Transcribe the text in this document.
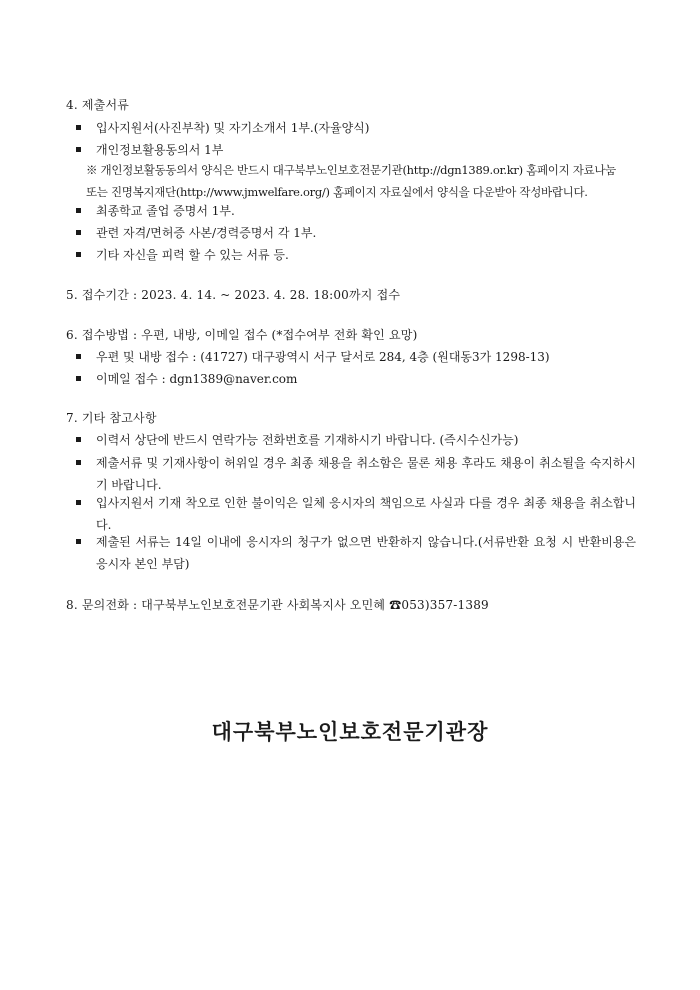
4. 제출서류
입사지원서(사진부착) 및 자기소개서 1부.(자율양식)
개인정보활용동의서 1부
※ 개인정보활동동의서 양식은 반드시 대구북부노인보호전문기관(http://dgn1389.or.kr) 홈페이지 자료나눔
또는 진명복지재단(http://www.jmwelfare.org/) 홈페이지 자료실에서 양식을 다운받아 작성바랍니다.
최종학교 졸업 증명서 1부.
관련 자격/면허증 사본/경력증명서 각 1부.
기타 자신을 피력 할 수 있는 서류 등.
5. 접수기간 : 2023. 4. 14. ~ 2023. 4. 28. 18:00까지 접수
6. 접수방법 : 우편, 내방, 이메일 접수 (*접수여부 전화 확인 요망)
우편 및 내방 접수 : (41727) 대구광역시 서구 달서로 284, 4층 (원대동3가 1298-13)
이메일 접수 : dgn1389@naver.com
7. 기타 참고사항
이력서 상단에 반드시 연락가능 전화번호를 기재하시기 바랍니다. (즉시수신가능)
제출서류 및 기재사항이 허위일 경우 최종 채용을 취소함은 물론 채용 후라도 채용이 취소될을 숙지하시기 바랍니다.
입사지원서 기재 착오로 인한 불이익은 일체 응시자의 책임으로 사실과 다를 경우 최종 채용을 취소합니다.
제출된 서류는 14일 이내에 응시자의 청구가 없으면 반환하지 않습니다.(서류반환 요청 시 반환비용은 응시자 본인 부담)
8. 문의전화 : 대구북부노인보호전문기관 사회복지사 오민혜 ☎053)357-1389
대구북부노인보호전문기관장
